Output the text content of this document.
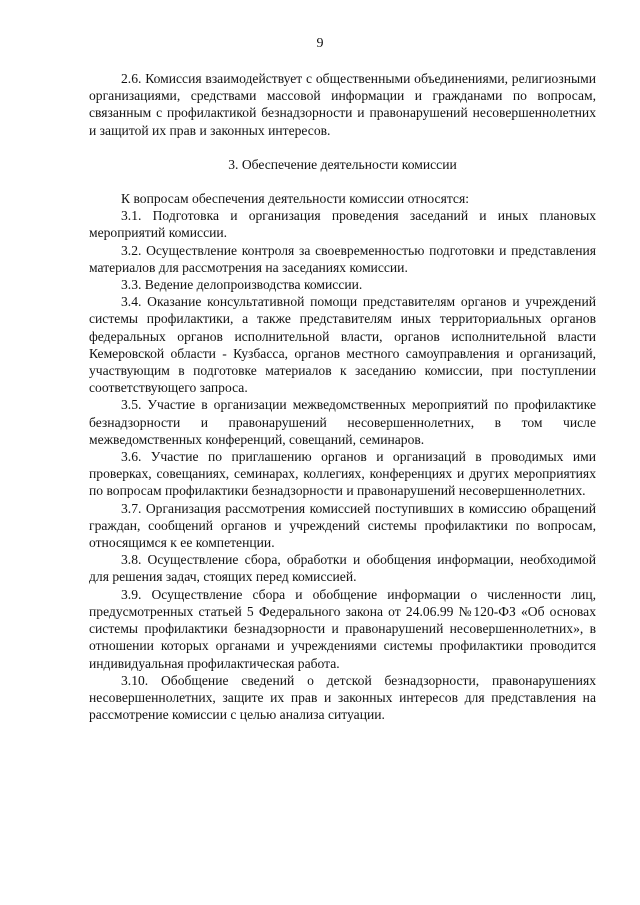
9

2.6. Комиссия взаимодействует с общественными объединениями, религиозными организациями, средствами массовой информации и гражданами по вопросам, связанным с профилактикой безнадзорности и правонарушений несовершеннолетних и защитой их прав и законных интересов.

3. Обеспечение деятельности комиссии

К вопросам обеспечения деятельности комиссии относятся:

3.1. Подготовка и организация проведения заседаний и иных плановых мероприятий комиссии.

3.2. Осуществление контроля за своевременностью подготовки и представления материалов для рассмотрения на заседаниях комиссии.

3.3. Ведение делопроизводства комиссии.

3.4. Оказание консультативной помощи представителям органов и учреждений системы профилактики, а также представителям иных территориальных органов федеральных органов исполнительной власти, органов исполнительной власти Кемеровской области - Кузбасса, органов местного самоуправления и организаций, участвующим в подготовке материалов к заседанию комиссии, при поступлении соответствующего запроса.

3.5. Участие в организации межведомственных мероприятий по профилактике безнадзорности и правонарушений несовершеннолетних, в том числе межведомственных конференций, совещаний, семинаров.

3.6. Участие по приглашению органов и организаций в проводимых ими проверках, совещаниях, семинарах, коллегиях, конференциях и других мероприятиях по вопросам профилактики безнадзорности и правонарушений несовершеннолетних.

3.7. Организация рассмотрения комиссией поступивших в комиссию обращений граждан, сообщений органов и учреждений системы профилактики по вопросам, относящимся к ее компетенции.

3.8. Осуществление сбора, обработки и обобщения информации, необходимой для решения задач, стоящих перед комиссией.

3.9. Осуществление сбора и обобщение информации о численности лиц, предусмотренных статьей 5 Федерального закона от 24.06.99 №120-ФЗ «Об основах системы профилактики безнадзорности и правонарушений несовершеннолетних», в отношении которых органами и учреждениями системы профилактики проводится индивидуальная профилактическая работа.

3.10. Обобщение сведений о детской безнадзорности, правонарушениях несовершеннолетних, защите их прав и законных интересов для представления на рассмотрение комиссии с целью анализа ситуации.
